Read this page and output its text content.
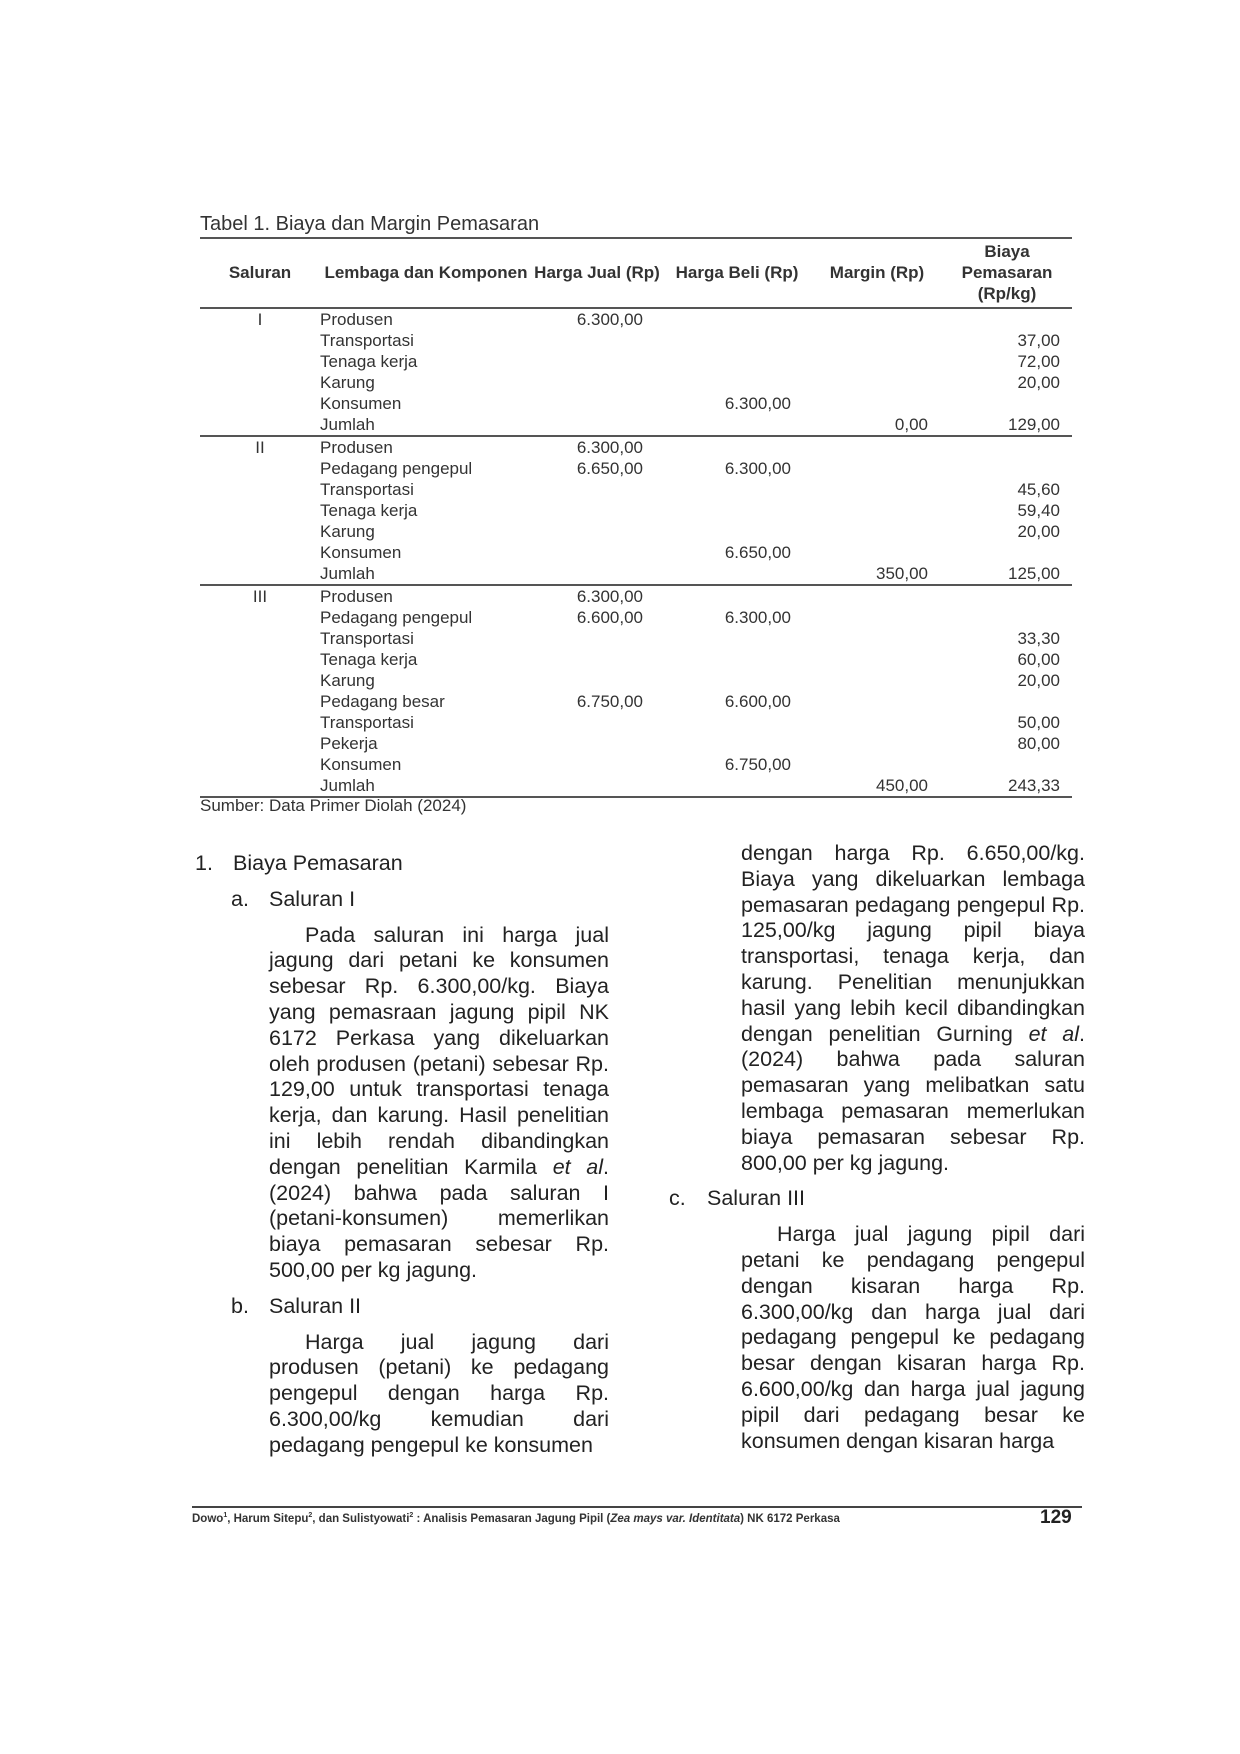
Tabel 1. Biaya dan Margin Pemasaran
Saluran	Lembaga dan Komponen	Harga Jual (Rp)	Harga Beli (Rp)	Margin (Rp)	Biaya Pemasaran (Rp/kg)
I	Produsen	6.300,00			
	Transportasi				37,00
	Tenaga kerja				72,00
	Karung				20,00
	Konsumen		6.300,00		
	Jumlah			0,00	129,00
II	Produsen	6.300,00			
	Pedagang pengepul	6.650,00	6.300,00		
	Transportasi				45,60
	Tenaga kerja				59,40
	Karung				20,00
	Konsumen		6.650,00		
	Jumlah			350,00	125,00
III	Produsen	6.300,00			
	Pedagang pengepul	6.600,00	6.300,00		
	Transportasi				33,30
	Tenaga kerja				60,00
	Karung				20,00
	Pedagang besar	6.750,00	6.600,00		
	Transportasi				50,00
	Pekerja				80,00
	Konsumen		6.750,00		
	Jumlah			450,00	243,33
Sumber: Data Primer Diolah (2024)
1. Biaya Pemasaran
a. Saluran I

Pada saluran ini harga jual jagung dari petani ke konsumen sebesar Rp. 6.300,00/kg. Biaya yang pemasraan jagung pipil NK 6172 Perkasa yang dikeluarkan oleh produsen (petani) sebesar Rp. 129,00 untuk transportasi tenaga kerja, dan karung. Hasil penelitian ini lebih rendah dibandingkan dengan penelitian Karmila et al. (2024) bahwa pada saluran I (petani-konsumen) memerlikan biaya pemasaran sebesar Rp. 500,00 per kg jagung.

b. Saluran II

Harga jual jagung dari produsen (petani) ke pedagang pengepul dengan harga Rp. 6.300,00/kg kemudian dari pedagang pengepul ke konsumen

dengan harga Rp. 6.650,00/kg. Biaya yang dikeluarkan lembaga pemasaran pedagang pengepul Rp. 125,00/kg jagung pipil biaya transportasi, tenaga kerja, dan karung. Penelitian menunjukkan hasil yang lebih kecil dibandingkan dengan penelitian Gurning et al. (2024) bahwa pada saluran pemasaran yang melibatkan satu lembaga pemasaran memerlukan biaya pemasaran sebesar Rp. 800,00 per kg jagung.

c. Saluran III

Harga jual jagung pipil dari petani ke pendagang pengepul dengan kisaran harga Rp. 6.300,00/kg dan harga jual dari pedagang pengepul ke pedagang besar dengan kisaran harga Rp. 6.600,00/kg dan harga jual jagung pipil dari pedagang besar ke konsumen dengan kisaran harga

Dowo$^1$, Harum Sitepu$^2$, dan Sulistyowati$^2$ : Analisis Pemasaran Jagung Pipil (Zea mays var. Identitata) NK 6172 Perkasa	129
